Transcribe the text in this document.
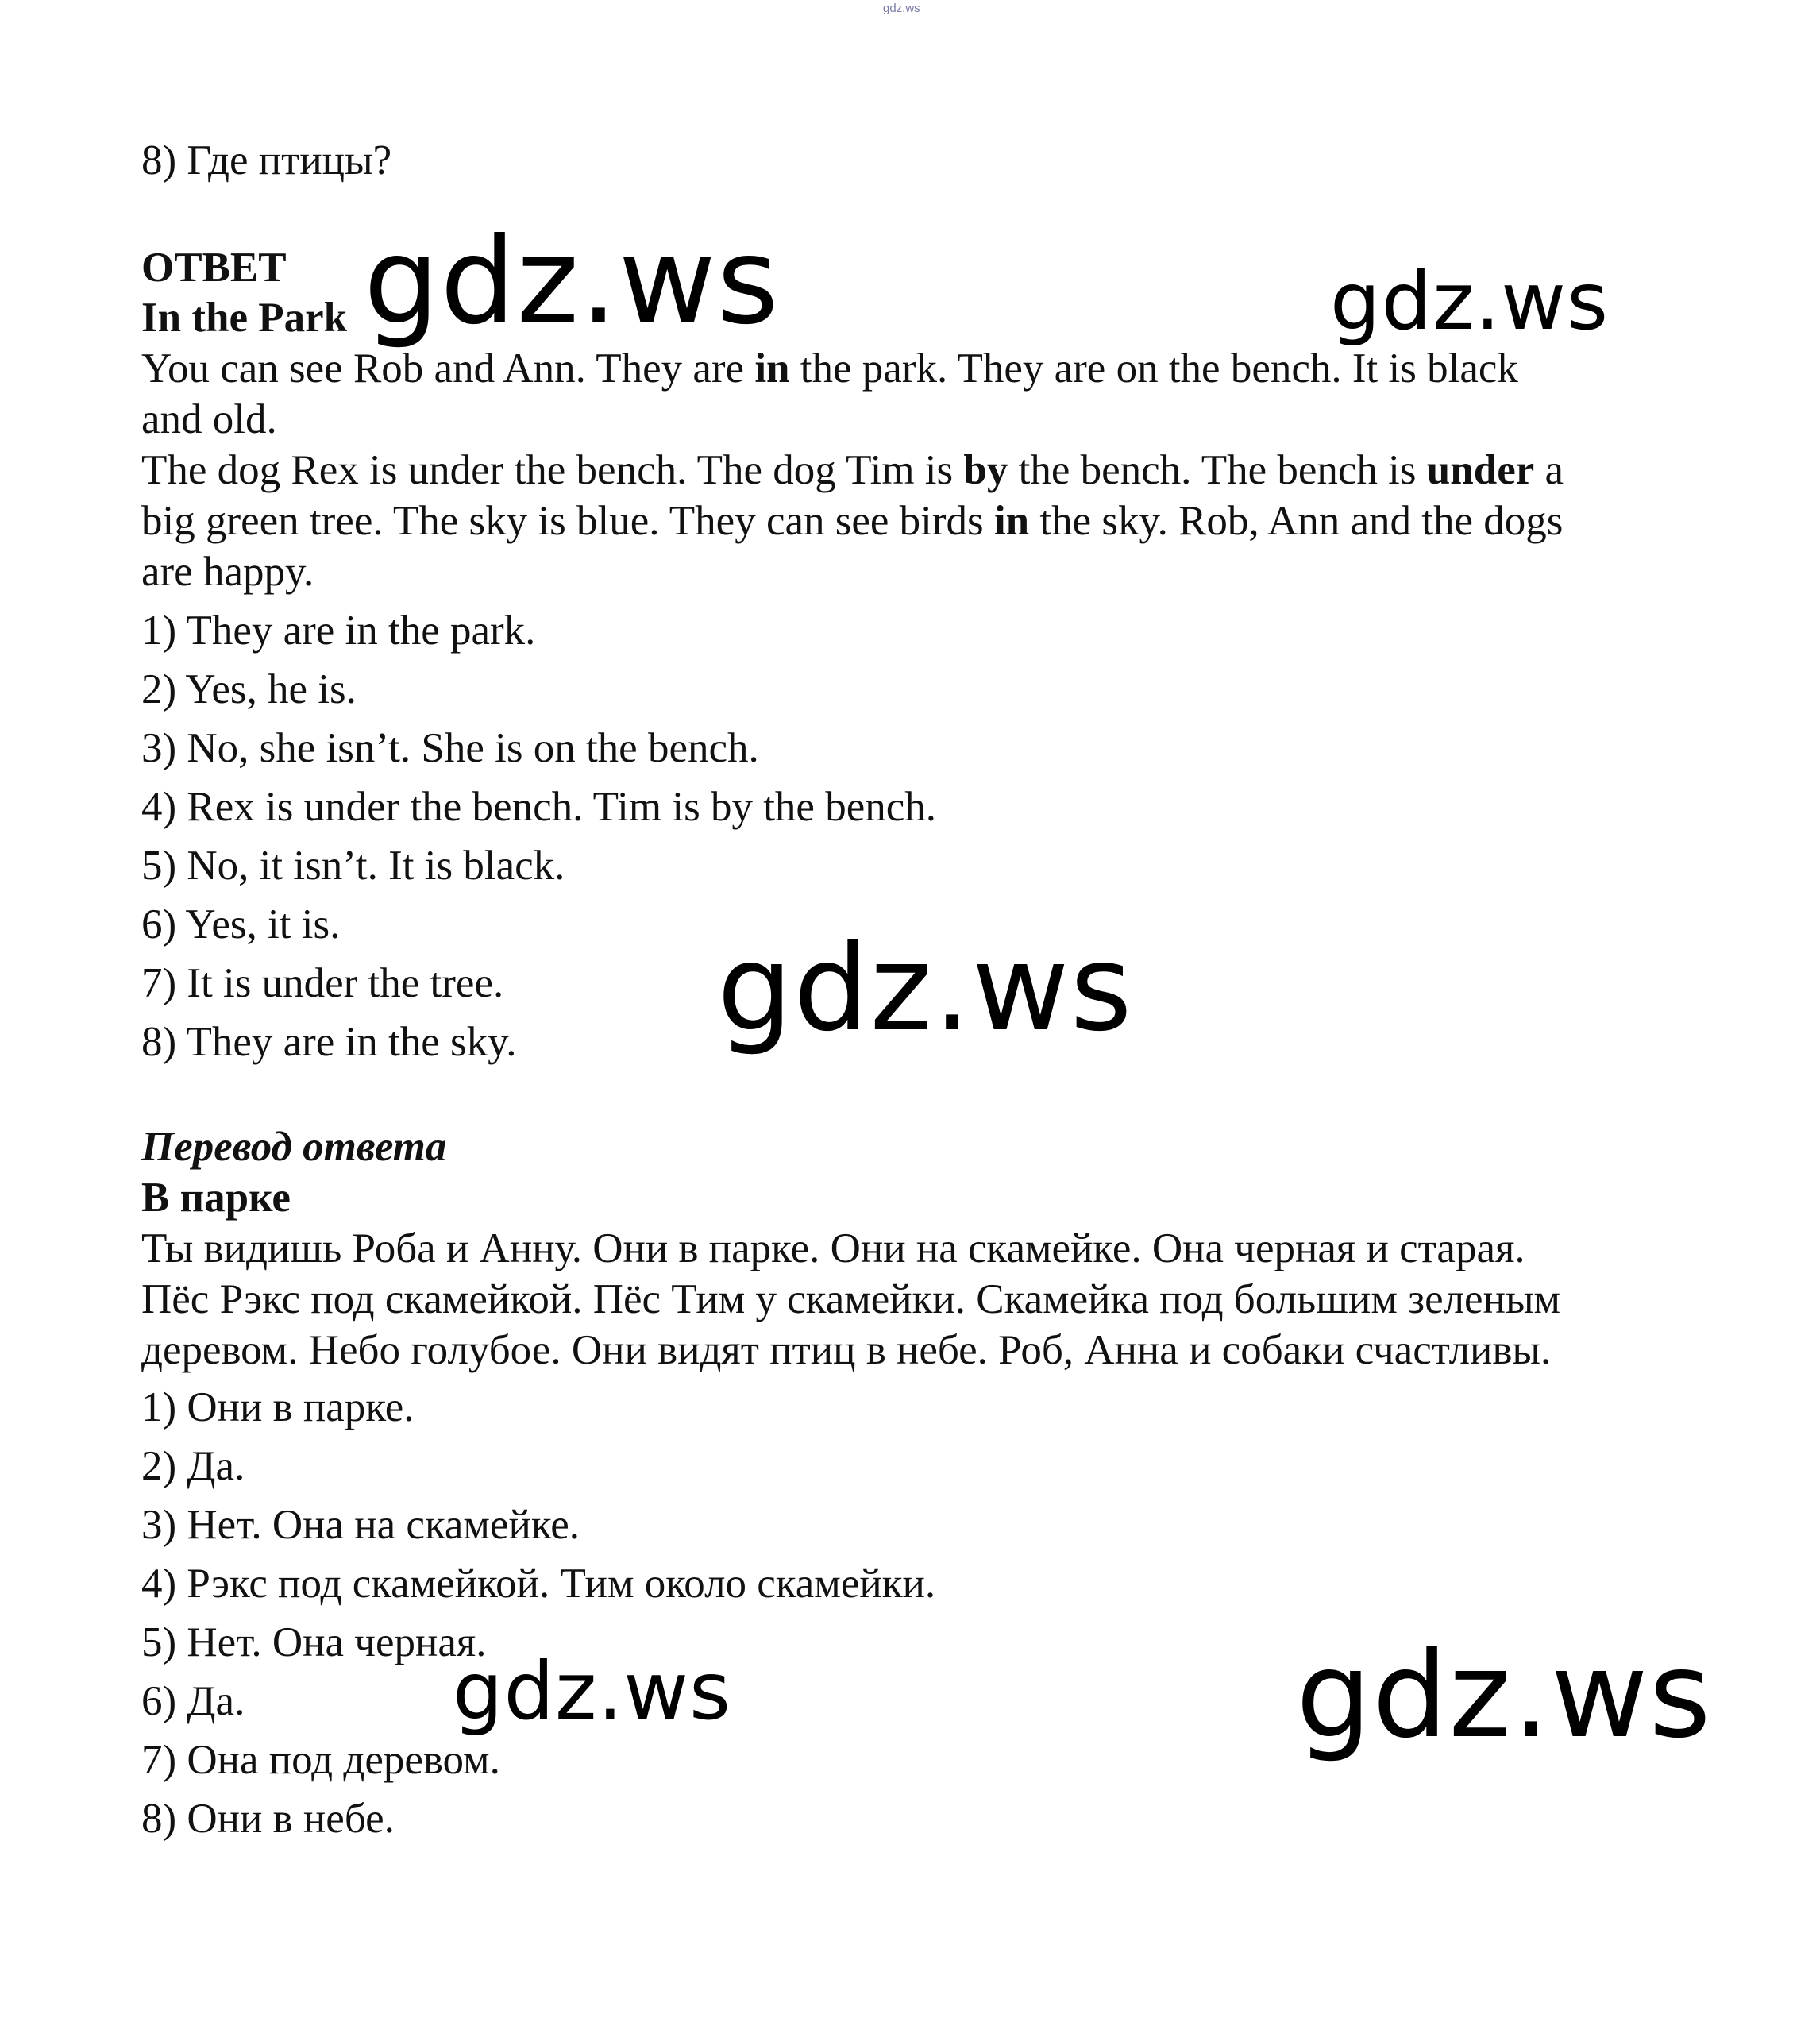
gdz.ws
8) Где птицы?
ОТВЕТ
In the Park
You can see Rob and Ann. They are in the park. They are on the bench. It is black
and old.
The dog Rex is under the bench. The dog Tim is by the bench. The bench is under a
big green tree. The sky is blue. They can see birds in the sky. Rob, Ann and the dogs
are happy.
1) They are in the park.
2) Yes, he is.
3) No, she isn’t. She is on the bench.
4) Rex is under the bench. Tim is by the bench.
5) No, it isn’t. It is black.
6) Yes, it is.
7) It is under the tree.
8) They are in the sky.
Перевод ответа
В парке
Ты видишь Роба и Анну. Они в парке. Они на скамейке. Она черная и старая.
Пёс Рэкс под скамейкой. Пёс Тим у скамейки. Скамейка под большим зеленым
деревом. Небо голубое. Они видят птиц в небе. Роб, Анна и собаки счастливы.
1) Они в парке.
2) Да.
3) Нет. Она на скамейке.
4) Рэкс под скамейкой. Тим около скамейки.
5) Нет. Она черная.
6) Да.
7) Она под деревом.
8) Они в небе.
gdz.ws	gdz.ws
gdz.ws
gdz.ws	gdz.ws
